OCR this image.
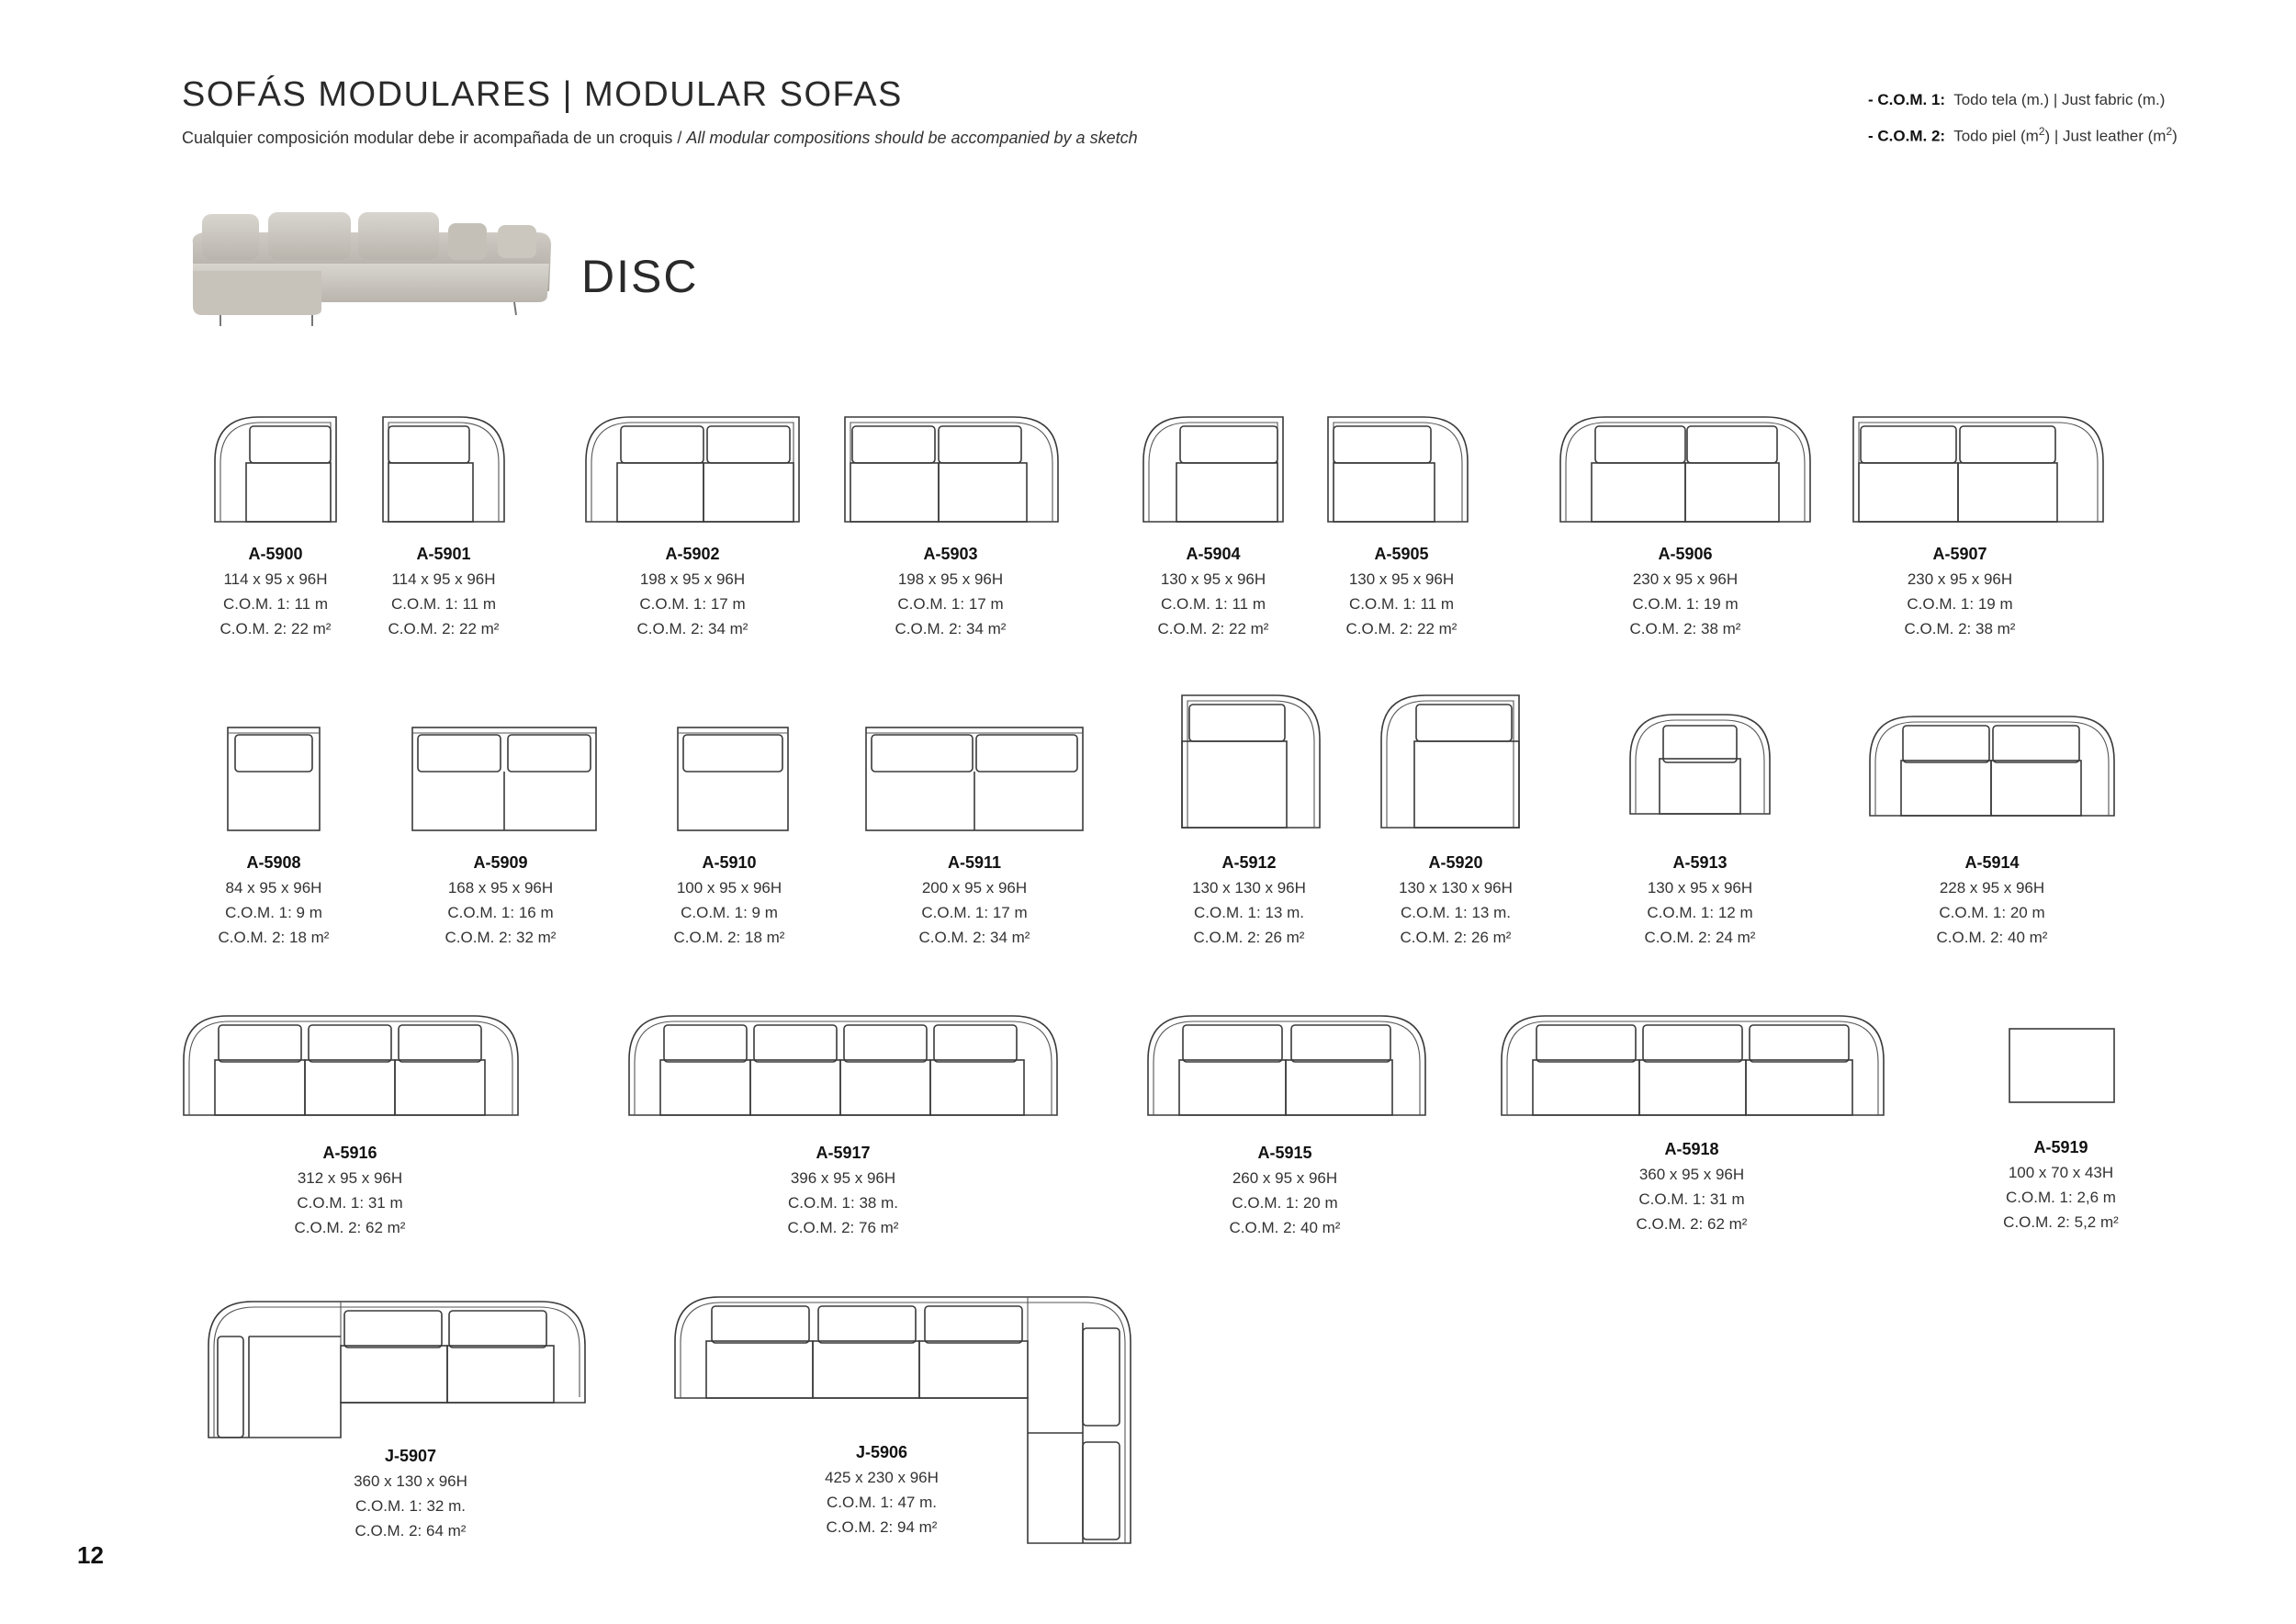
SOFÁS MODULARES | MODULAR SOFAS

Cualquier composición modular debe ir acompañada de un croquis / All modular compositions should be accompanied by a sketch

- C.O.M. 1: Todo tela (m.) | Just fabric (m.)
- C.O.M. 2: Todo piel $(m^2)$ | Just leather $(m^2)$
DISC
A-5900
114 x 95 x 96H
C.O.M. 1: 11 m
C.O.M. 2: 22 m²
A-5901
114 x 95 x 96H
C.O.M. 1: 11 m
C.O.M. 2: 22 m²
A-5902
198 x 95 x 96H
C.O.M. 1: 17 m
C.O.M. 2: 34 m²
A-5903
198 x 95 x 96H
C.O.M. 1: 17 m
C.O.M. 2: 34 m²
A-5904
130 x 95 x 96H
C.O.M. 1: 11 m
C.O.M. 2: 22 m²
A-5905
130 x 95 x 96H
C.O.M. 1: 11 m
C.O.M. 2: 22 m²
A-5906
230 x 95 x 96H
C.O.M. 1: 19 m
C.O.M. 2: 38 m²
A-5907
230 x 95 x 96H
C.O.M. 1: 19 m
C.O.M. 2: 38 m²
A-5908
84 x 95 x 96H
C.O.M. 1: 9 m
C.O.M. 2: 18 m²
A-5909
168 x 95 x 96H
C.O.M. 1: 16 m
C.O.M. 2: 32 m²
A-5910
100 x 95 x 96H
C.O.M. 1: 9 m
C.O.M. 2: 18 m²
A-5911
200 x 95 x 96H
C.O.M. 1: 17 m
C.O.M. 2: 34 m²
A-5912
130 x 130 x 96H
C.O.M. 1: 13 m.
C.O.M. 2: 26 m²
A-5920
130 x 130 x 96H
C.O.M. 1: 13 m.
C.O.M. 2: 26 m²
A-5913
130 x 95 x 96H
C.O.M. 1: 12 m
C.O.M. 2: 24 m²
A-5914
228 x 95 x 96H
C.O.M. 1: 20 m
C.O.M. 2: 40 m²
A-5916
312 x 95 x 96H
C.O.M. 1: 31 m
C.O.M. 2: 62 m²
A-5917
396 x 95 x 96H
C.O.M. 1: 38 m.
C.O.M. 2: 76 m²
A-5915
260 x 95 x 96H
C.O.M. 1: 20 m
C.O.M. 2: 40 m²
A-5918
360 x 95 x 96H
C.O.M. 1: 31 m
C.O.M. 2: 62 m²
A-5919
100 x 70 x 43H
C.O.M. 1: 2,6 m
C.O.M. 2: 5,2 m²
J-5907
360 x 130 x 96H
C.O.M. 1: 32 m.
C.O.M. 2: 64 m²
J-5906
425 x 230 x 96H
C.O.M. 1: 47 m.
C.O.M. 2: 94 m²
12
